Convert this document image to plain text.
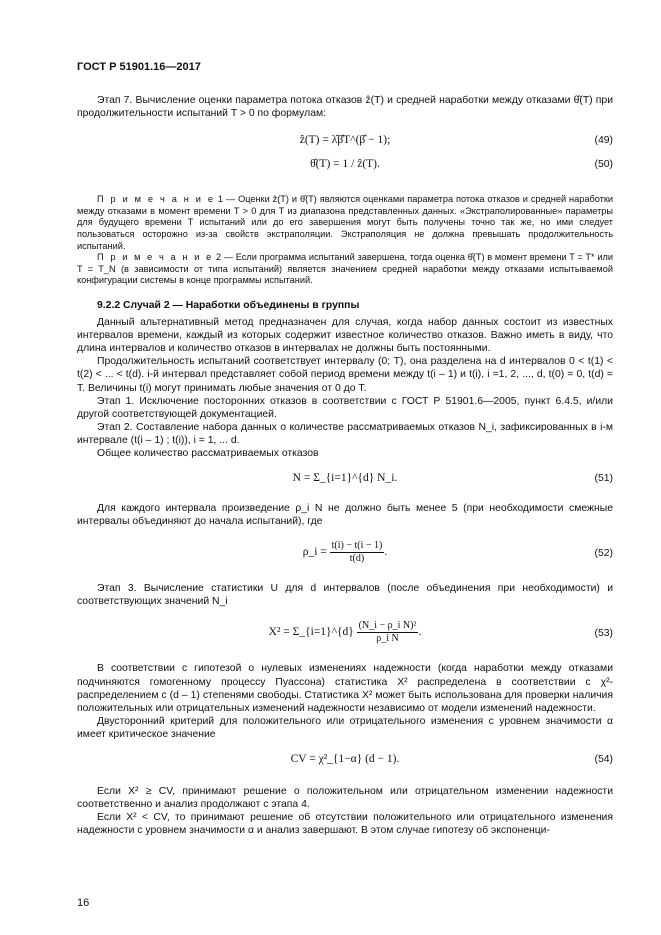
ГОСТ Р 51901.16—2017

Этап 7. Вычисление оценки параметра потока отказов ẑ(T) и средней наработки между отказами θ̂(T) при продолжительности испытаний T > 0 по формулам:

ẑ(T) = λ̂β̂T^(β̂ − 1);	(49)
θ̂(T) = 1 / ẑ(T).	(50)

П р и м е ч а н и е 1 — Оценки ẑ(T) и θ̂(T) являются оценками параметра потока отказов и средней наработки между отказами в момент времени T > 0 для T из диапазона представленных данных. «Экстраполированные» параметры для будущего времени T испытаний или до его завершения могут быть получены точно так же, но ими следует пользоваться осторожно из-за свойств экстраполяции. Экстраполяция не должна превышать продолжительность испытаний.

П р и м е ч а н и е 2 — Если программа испытаний завершена, тогда оценка θ̂(T) в момент времени T = T* или T = T_N (в зависимости от типа испытаний) является значением средней наработки между отказами испытываемой конфигурации системы в конце программы испытаний.

9.2.2 Случай 2 — Наработки объединены в группы

Данный альтернативный метод предназначен для случая, когда набор данных состоит из известных интервалов времени, каждый из которых содержит известное количество отказов. Важно иметь в виду, что длина интервалов и количество отказов в интервалах не должны быть постоянными.

Продолжительность испытаний соответствует интервалу (0; T), она разделена на d интервалов 0 < t(1) < t(2) < ... < t(d). i-й интервал представляет собой период времени между t(i – 1) и t(i), i =1, 2, ..., d, t(0) = 0, t(d) = T. Величины t(i) могут принимать любые значения от 0 до T.

Этап 1. Исключение посторонних отказов в соответствии с ГОСТ Р 51901.6—2005, пункт 6.4.5, и/или другой соответствующей документацией.

Этап 2. Составление набора данных о количестве рассматриваемых отказов N_i, зафиксированных в i-м интервале (t(i – 1) ; t(i)), i = 1, ... d.

Общее количество рассматриваемых отказов

N = Σ_{i=1}^{d} N_i.	(51)

Для каждого интервала произведение ρ_i N не должно быть менее 5 (при необходимости смежные интервалы объединяют до начала испытаний), где

ρ_i = $\frac{t(i) - t(i - 1)}{t(d)}$ .	(52)

Этап 3. Вычисление статистики U для d интервалов (после объединения при необходимости) и соответствующих значений N_i

X² = Σ_{i=1}^{d} $\frac{\text{(N\_i − ρ\_i N)²}}{\text{ρ\_i N}}$ .	(53)

В соответствии с гипотезой о нулевых изменениях надежности (когда наработки между отказами подчиняются гомогенному процессу Пуассона) статистика X² распределена в соответствии с χ²-распределением с (d – 1) степенями свободы. Статистика X² может быть использована для проверки наличия положительных или отрицательных изменений надежности независимо от модели изменений надежности.

Двусторонний критерий для положительного или отрицательного изменения с уровнем значимости α имеет критическое значение

CV = χ²_{1−α} (d − 1).	(54)

Если X² ≥ CV, принимают решение о положительном или отрицательном изменении надежности соответственно и анализ продолжают с этапа 4.

Если X² < CV, то принимают решение об отсутствии положительного или отрицательного изменения надежности с уровнем значимости α и анализ завершают. В этом случае гипотезу об экспоненци-

16
